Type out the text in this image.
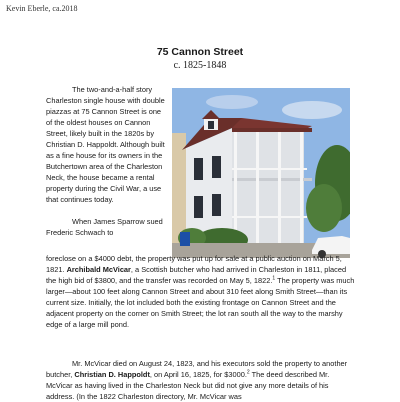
Kevin Eberle, ca.2018
75 Cannon Street
c. 1825-1848

The two-and-a-half story Charleston single house with double piazzas at 75 Cannon Street is one of the oldest houses on Cannon Street, likely built in the 1820s by Christian D. Happoldt. Although built as a fine house for its owners in the Butchertown area of the Charleston Neck, the house became a rental property during the Civil War, a use that continues today.

When James Sparrow sued Frederic Schwach to

foreclose on a $4000 debt, the property was put up for sale at a public auction on March 5, 1821. Archibald McVicar, a Scottish butcher who had arrived in Charleston in 1811, placed the high bid of $3800, and the transfer was recorded on May 5, 1822.$^1$ The property was much larger—about 100 feet along Cannon Street and about 310 feet along Smith Street—than its current size. Initially, the lot included both the existing frontage on Cannon Street and the adjacent property on the corner on Smith Street; the lot ran south all the way to the marshy edge of a large mill pond.

Mr. McVicar died on August 24, 1823, and his executors sold the property to another butcher, Christian D. Happoldt, on April 16, 1825, for $3000.$^2$ The deed described Mr. McVicar as having lived in the Charleston Neck but did not give any more details of his address. (In the 1822 Charleston directory, Mr. McVicar was
